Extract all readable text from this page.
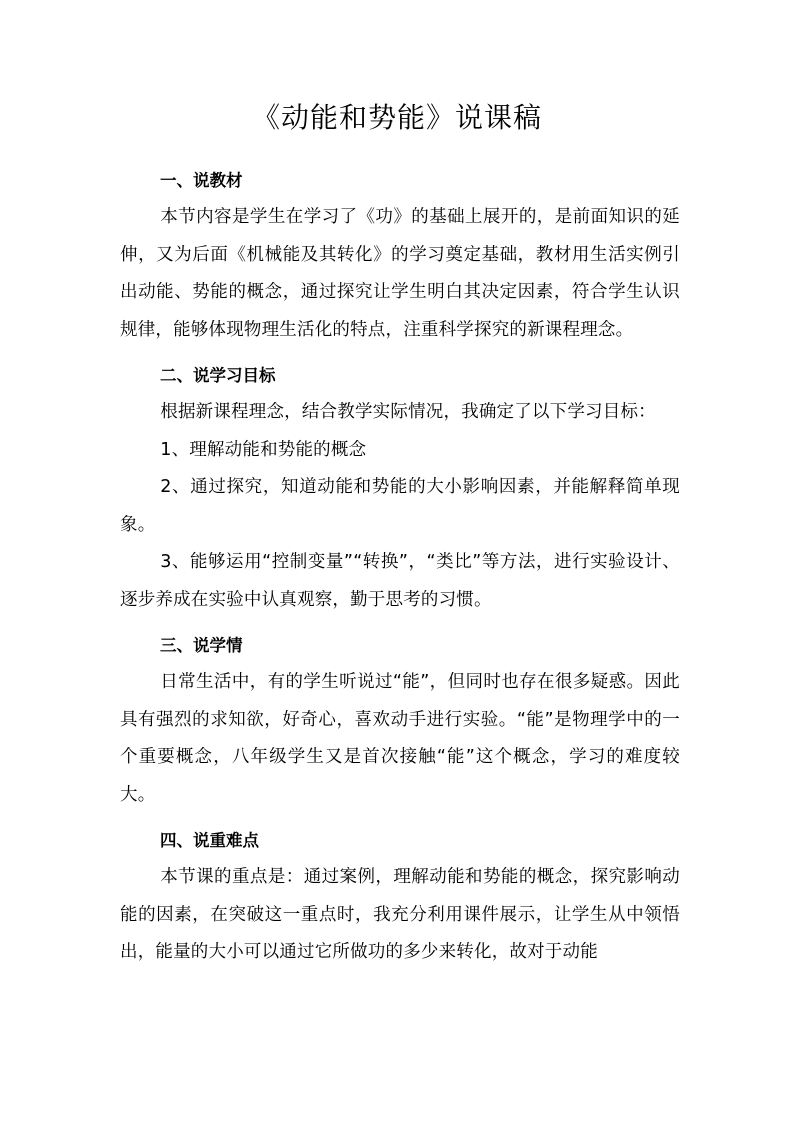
《动能和势能》说课稿
一、说教材
本节内容是学生在学习了《功》的基础上展开的，是前面知识的延伸，又为后面《机械能及其转化》的学习奠定基础，教材用生活实例引出动能、势能的概念，通过探究让学生明白其决定因素，符合学生认识规律，能够体现物理生活化的特点，注重科学探究的新课程理念。
二、说学习目标
根据新课程理念，结合教学实际情况，我确定了以下学习目标：
1、理解动能和势能的概念
2、通过探究，知道动能和势能的大小影响因素，并能解释简单现象。
3、能够运用“控制变量”“转换”，“类比”等方法，进行实验设计、逐步养成在实验中认真观察，勤于思考的习惯。
三、说学情
日常生活中，有的学生听说过“能”，但同时也存在很多疑惑。因此具有强烈的求知欲，好奇心，喜欢动手进行实验。“能”是物理学中的一个重要概念，八年级学生又是首次接触“能”这个概念，学习的难度较大。
四、说重难点
本节课的重点是：通过案例，理解动能和势能的概念，探究影响动能的因素，在突破这一重点时，我充分利用课件展示，让学生从中领悟出，能量的大小可以通过它所做功的多少来转化，故对于动能
